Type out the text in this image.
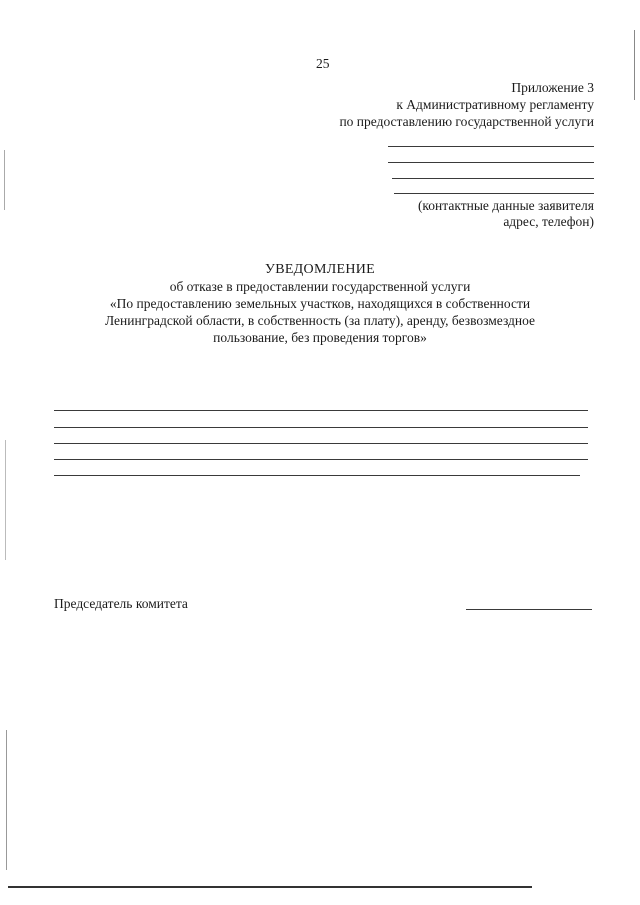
25
Приложение 3
к Административному регламенту
по предоставлению государственной услуги
(контактные данные заявителя
адрес, телефон)
УВЕДОМЛЕНИЕ
об отказе в предоставлении государственной услуги
«По предоставлению земельных участков, находящихся в собственности
Ленинградской области, в собственность (за плату), аренду, безвозмездное
пользование, без проведения торгов»
Председатель комитета
